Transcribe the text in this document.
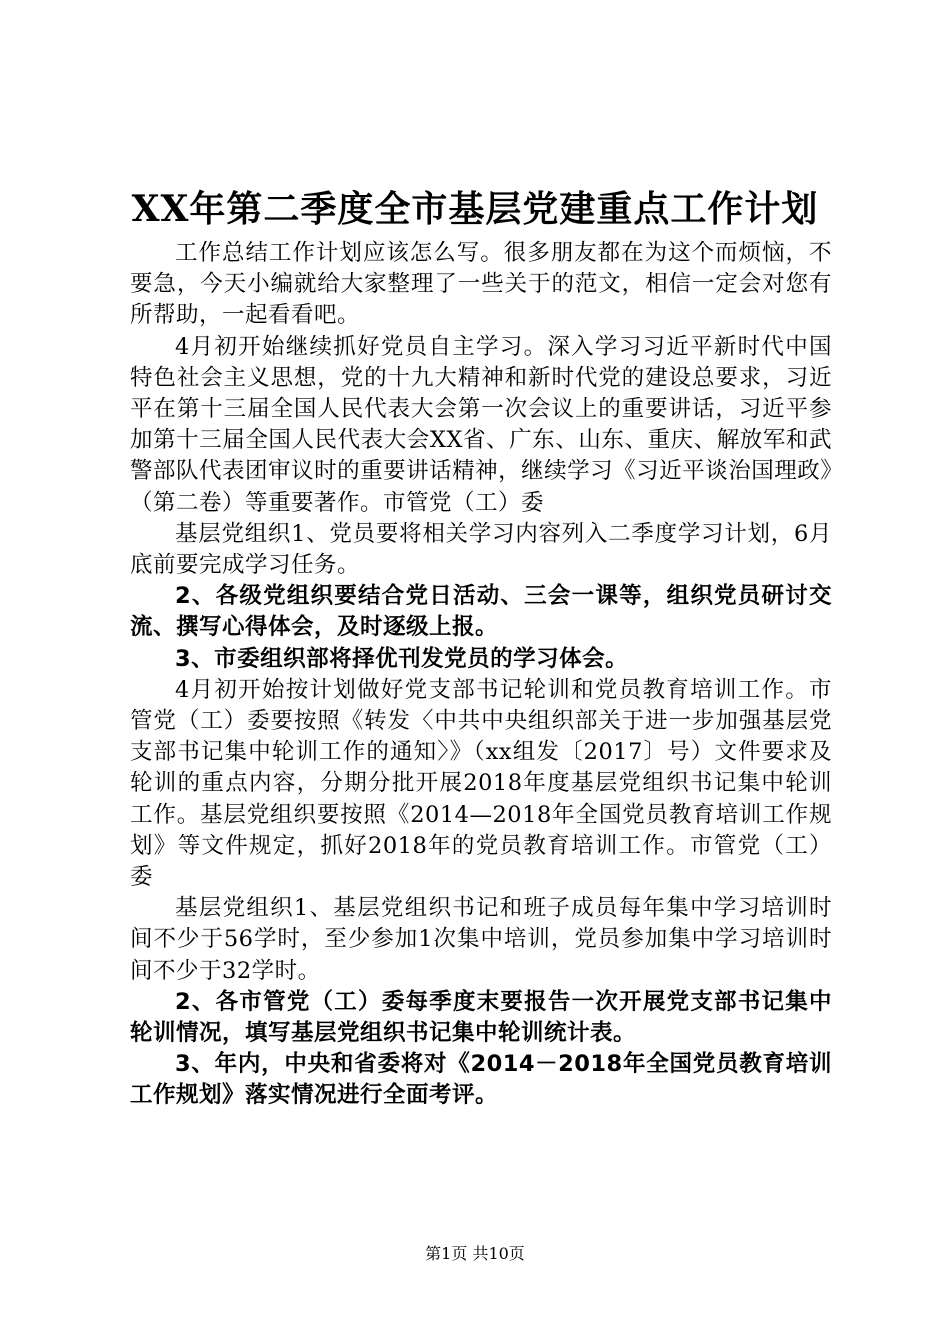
XX年第二季度全市基层党建重点工作计划

工作总结工作计划应该怎么写。很多朋友都在为这个而烦恼，不要急，今天小编就给大家整理了一些关于的范文，相信一定会对您有所帮助，一起看看吧。

4月初开始继续抓好党员自主学习。深入学习习近平新时代中国特色社会主义思想，党的十九大精神和新时代党的建设总要求，习近平在第十三届全国人民代表大会第一次会议上的重要讲话，习近平参加第十三届全国人民代表大会XX省、广东、山东、重庆、解放军和武警部队代表团审议时的重要讲话精神，继续学习《习近平谈治国理政》（第二卷）等重要著作。市管党（工）委

基层党组织1、党员要将相关学习内容列入二季度学习计划，6月底前要完成学习任务。

2、各级党组织要结合党日活动、三会一课等，组织党员研讨交流、撰写心得体会，及时逐级上报。

3、市委组织部将择优刊发党员的学习体会。

4月初开始按计划做好党支部书记轮训和党员教育培训工作。市管党（工）委要按照《转发〈中共中央组织部关于进一步加强基层党支部书记集中轮训工作的通知〉》（xx组发〔2017〕号）文件要求及轮训的重点内容，分期分批开展2018年度基层党组织书记集中轮训工作。基层党组织要按照《2014—2018年全国党员教育培训工作规划》等文件规定，抓好2018年的党员教育培训工作。市管党（工）委

基层党组织1、基层党组织书记和班子成员每年集中学习培训时间不少于56学时，至少参加1次集中培训，党员参加集中学习培训时间不少于32学时。

2、各市管党（工）委每季度末要报告一次开展党支部书记集中轮训情况，填写基层党组织书记集中轮训统计表。

3、年内，中央和省委将对《2014－2018年全国党员教育培训工作规划》落实情况进行全面考评。

第1页 共10页
